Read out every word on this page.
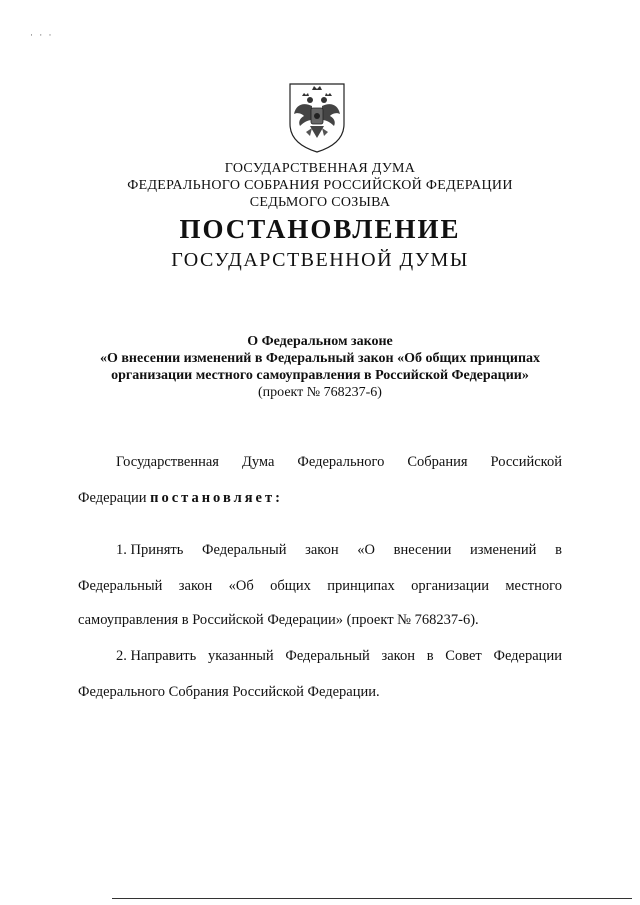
· · ·
ГОСУДАРСТВЕННАЯ ДУМА
ФЕДЕРАЛЬНОГО СОБРАНИЯ РОССИЙСКОЙ ФЕДЕРАЦИИ
СЕДЬМОГО СОЗЫВА
ПОСТАНОВЛЕНИЕ
ГОСУДАРСТВЕННОЙ ДУМЫ
О Федеральном законе
«О внесении изменений в Федеральный закон «Об общих принципах
организации местного самоуправления в Российской Федерации»
(проект № 768237-6)
Государственная Дума Федерального Собрания Российской
Федерации постановляет:
1. Принять Федеральный закон «О внесении изменений в
Федеральный закон «Об общих принципах организации местного
самоуправления в Российской Федерации» (проект № 768237-6).
2. Направить указанный Федеральный закон в Совет Федерации
Федерального Собрания Российской Федерации.
